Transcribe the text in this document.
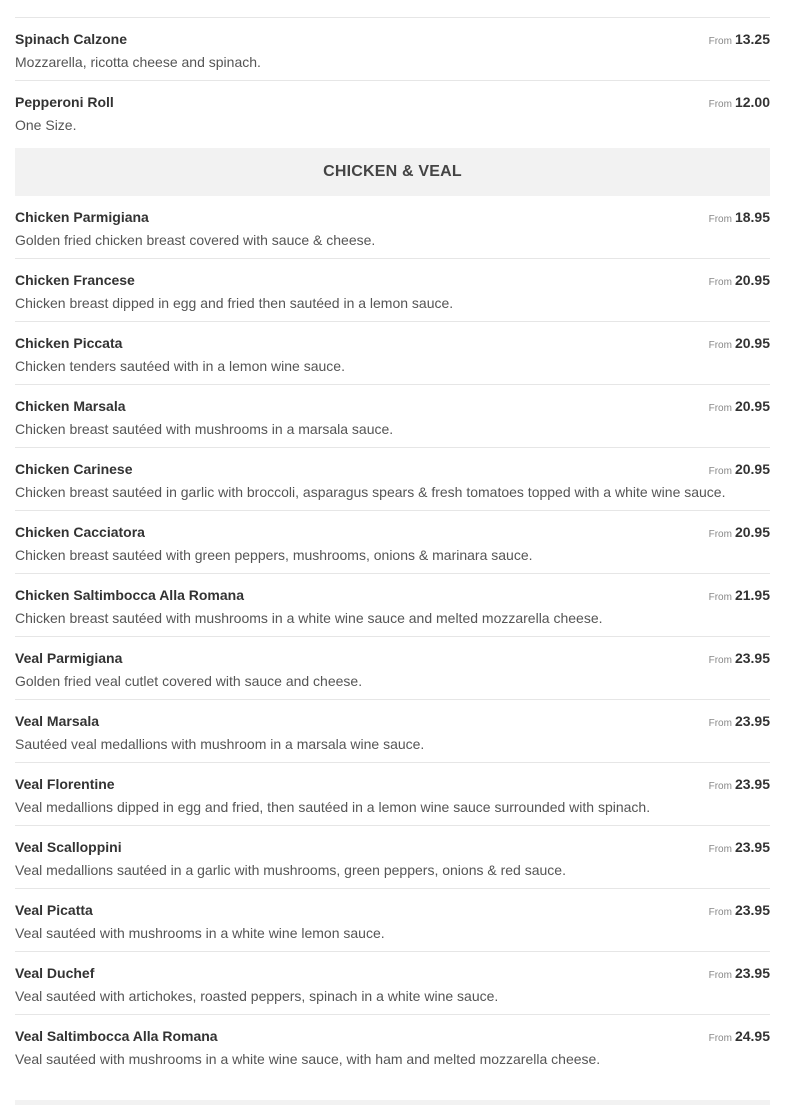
Spinach Calzone
Mozzarella, ricotta cheese and spinach.
From 13.25
Pepperoni Roll
One Size.
From 12.00
CHICKEN & VEAL
Chicken Parmigiana
Golden fried chicken breast covered with sauce & cheese.
From 18.95
Chicken Francese
Chicken breast dipped in egg and fried then sautéed in a lemon sauce.
From 20.95
Chicken Piccata
Chicken tenders sautéed with in a lemon wine sauce.
From 20.95
Chicken Marsala
Chicken breast sautéed with mushrooms in a marsala sauce.
From 20.95
Chicken Carinese
Chicken breast sautéed in garlic with broccoli, asparagus spears & fresh tomatoes topped with a white wine sauce.
From 20.95
Chicken Cacciatora
Chicken breast sautéed with green peppers, mushrooms, onions & marinara sauce.
From 20.95
Chicken Saltimbocca Alla Romana
Chicken breast sautéed with mushrooms in a white wine sauce and melted mozzarella cheese.
From 21.95
Veal Parmigiana
Golden fried veal cutlet covered with sauce and cheese.
From 23.95
Veal Marsala
Sautéed veal medallions with mushroom in a marsala wine sauce.
From 23.95
Veal Florentine
Veal medallions dipped in egg and fried, then sautéed in a lemon wine sauce surrounded with spinach.
From 23.95
Veal Scalloppini
Veal medallions sautéed in a garlic with mushrooms, green peppers, onions & red sauce.
From 23.95
Veal Picatta
Veal sautéed with mushrooms in a white wine lemon sauce.
From 23.95
Veal Duchef
Veal sautéed with artichokes, roasted peppers, spinach in a white wine sauce.
From 23.95
Veal Saltimbocca Alla Romana
Veal sautéed with mushrooms in a white wine sauce, with ham and melted mozzarella cheese.
From 24.95
